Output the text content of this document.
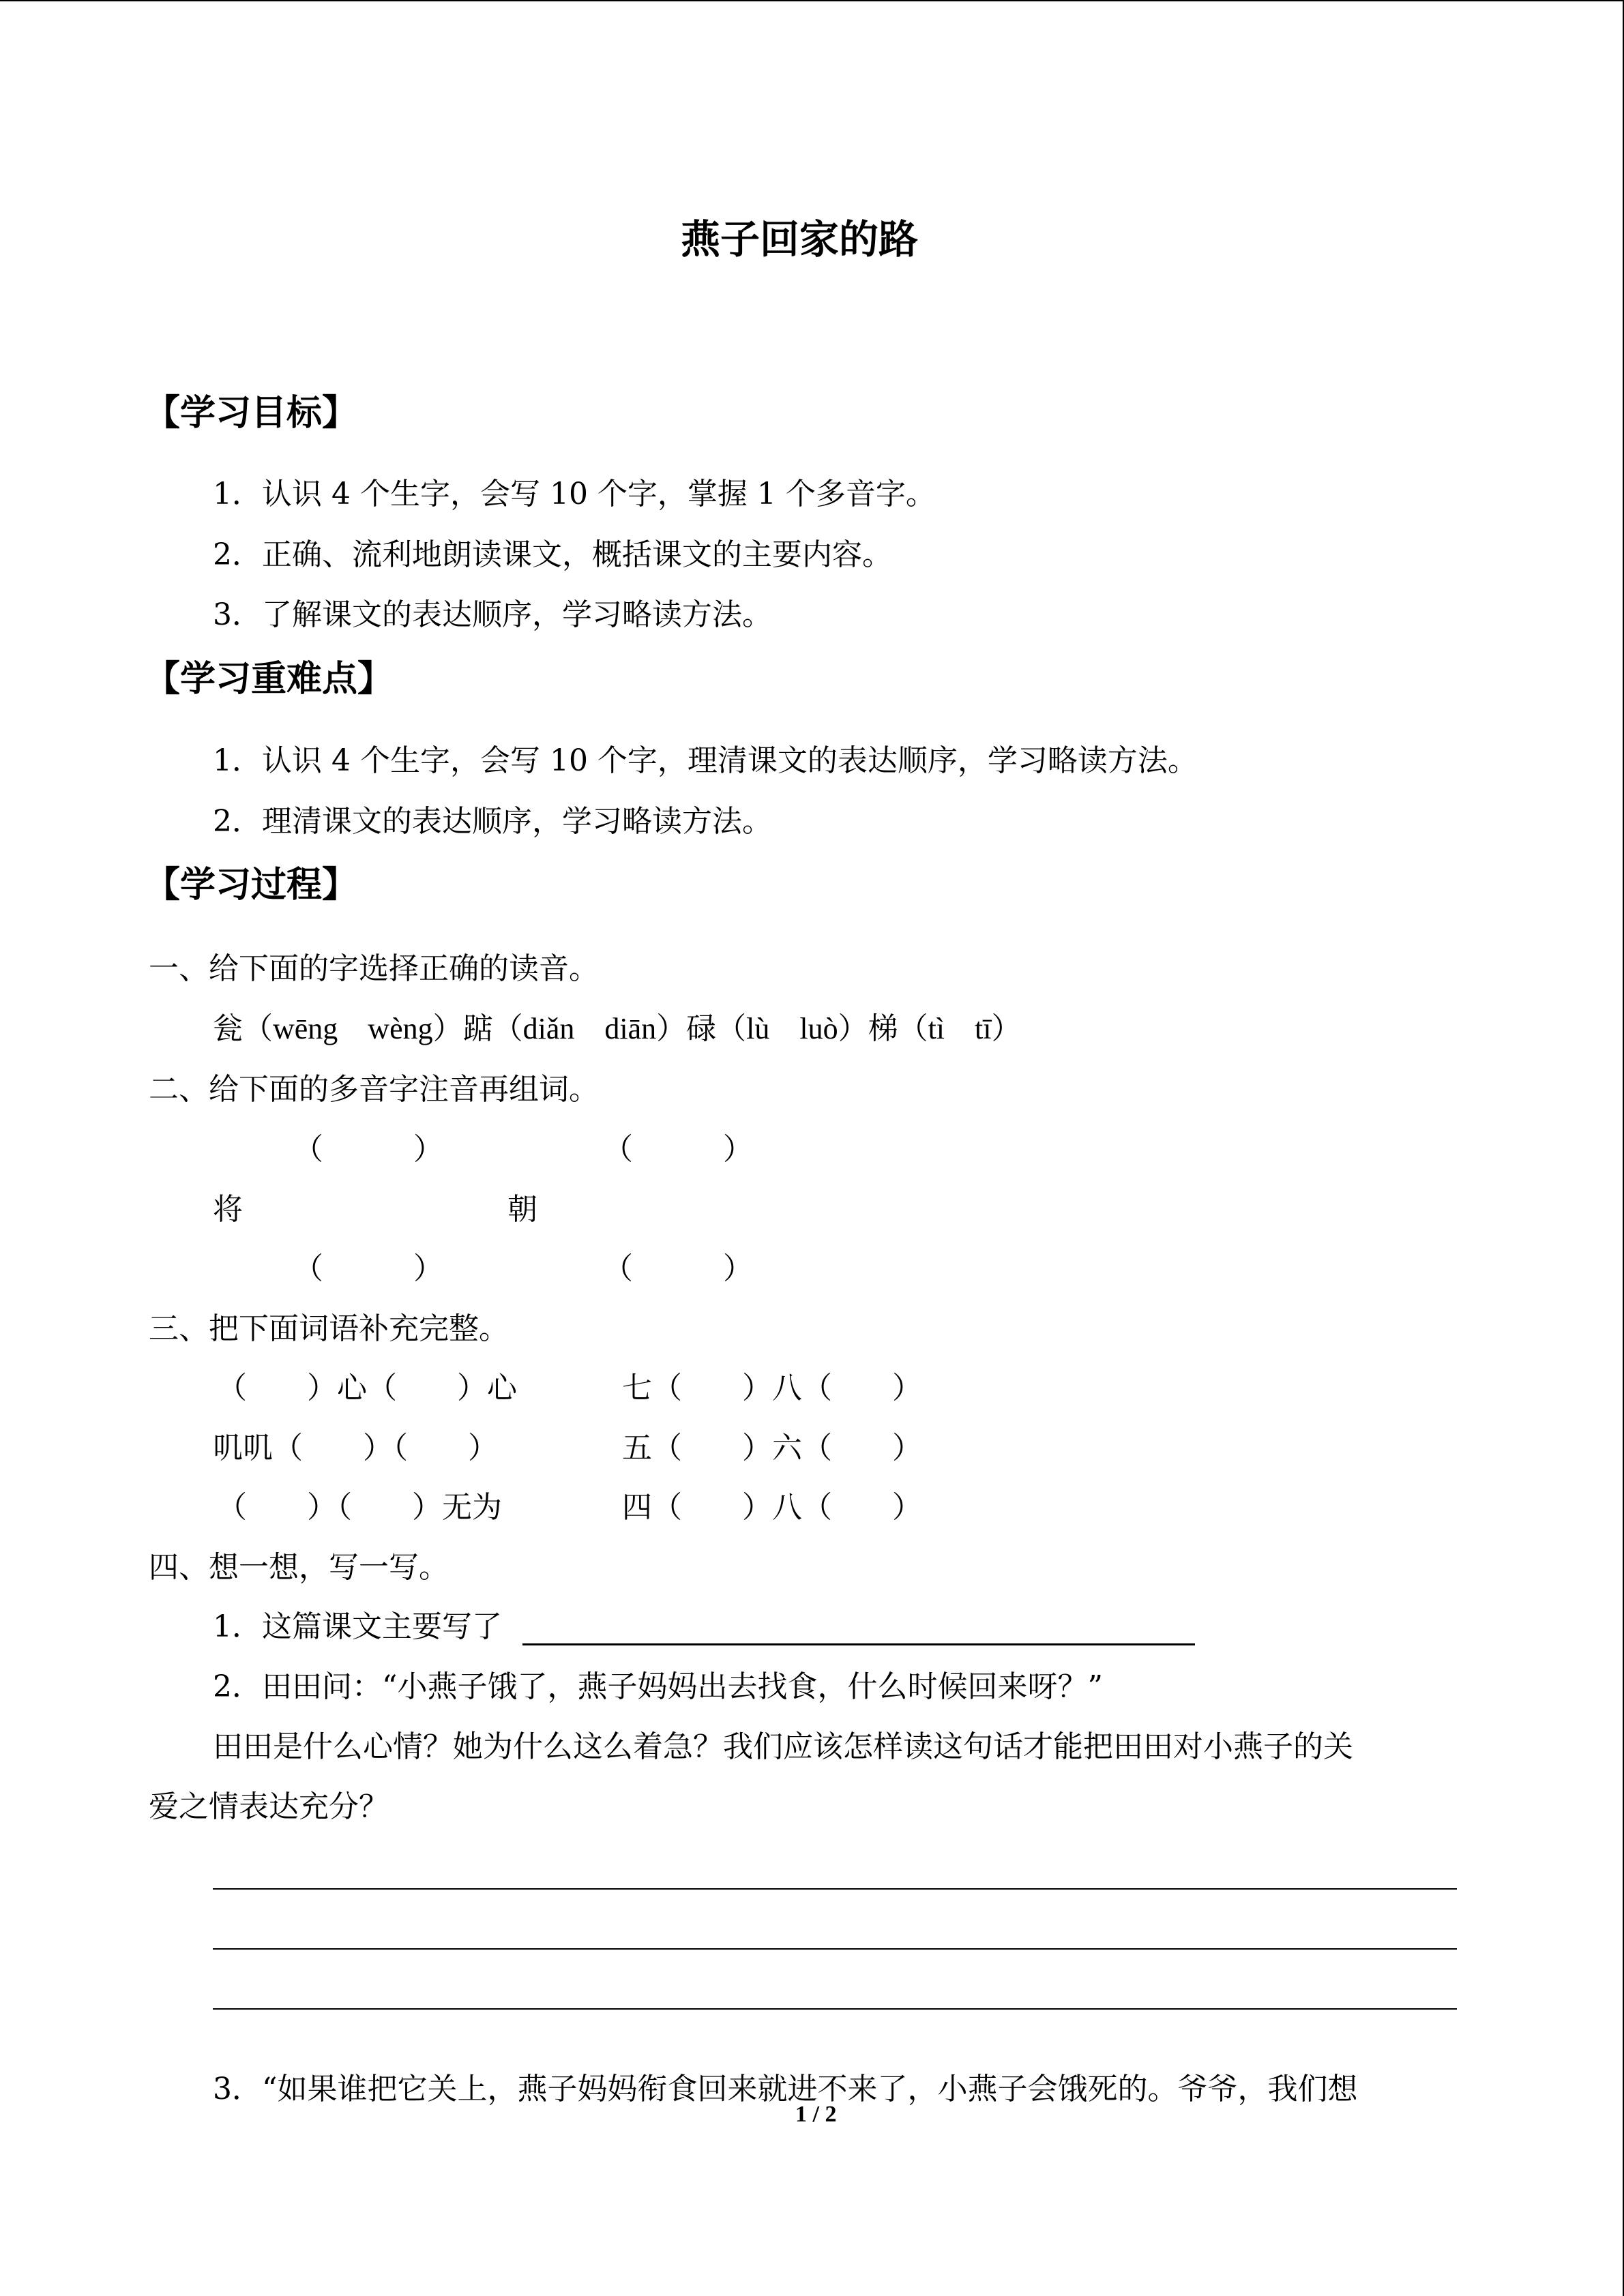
燕子回家的路
【学习目标】
1．认识 4 个生字，会写 10 个字，掌握 1 个多音字。
2．正确、流利地朗读课文，概括课文的主要内容。
3．了解课文的表达顺序，学习略读方法。
【学习重难点】
1．认识 4 个生字，会写 10 个字，理清课文的表达顺序，学习略读方法。
2．理清课文的表达顺序，学习略读方法。
【学习过程】
一、给下面的字选择正确的读音。
瓮（wēng　wèng）踮（diǎn　diān）碌（lù　luò）梯（tì　tī）
二、给下面的多音字注音再组词。
（　　　）	（　　　）
将	朝
（　　　）	（　　　）
三、把下面词语补充完整。
（　　）心（　　）心	七（　　）八（　　）
叽叽（　　）（　　）	五（　　）六（　　）
（　　）（　　）无为	四（　　）八（　　）
四、想一想，写一写。
1．这篇课文主要写了
2．田田问：“小燕子饿了，燕子妈妈出去找食，什么时候回来呀？”
田田是什么心情？她为什么这么着急？我们应该怎样读这句话才能把田田对小燕子的关
爱之情表达充分？
3．“如果谁把它关上，燕子妈妈衔食回来就进不来了，小燕子会饿死的。爷爷，我们想
1 / 2
